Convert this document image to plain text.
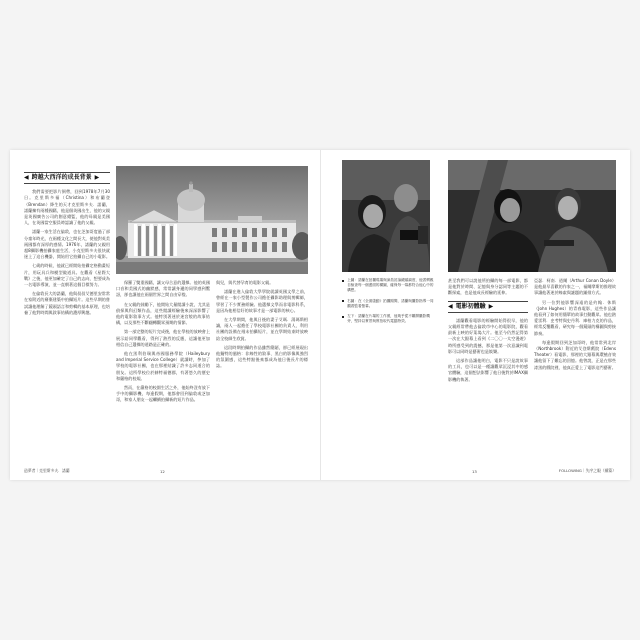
◀ 跨越大西洋的成長背景 ▶

我們需要把影片倒帶，回到1978年7月30日。克里斯多福（Christina）和布蘭登（Brendan）降生的天才克里斯多夫．諾蘭，諾蘭擁有兩種國籍，他是個英國出生，他的父親是英國廣告公司的創意總監，他的母親是美國人，在英國當空服員時認識了他的父親。

諾蘭一家生活在倫敦，也在芝加哥度過了部分童年時光，在兩種文化之間長大，使他對英美兩國都有深厚的感情。1976年，諾蘭的父親用超8攝影機拍攝家庭生活，小克里斯多夫很快就迷上了這台機器，開始用它拍攝自己的小電影。

七歲的時候，他就已經開始拍攝定格動畫短片，用玩具兵和模型做道具。在觀看《星際大戰》之後，他更加確定了自己的志向，想要成為一名電影導演，並一直朝著這個目標努力。

在倫敦長大的諾蘭，他與叔叔艾德里安常常在家附近的廢棄建築中拍攝短片。這些早期的嘗試讓他理解了鏡頭語言和剪輯的基本原理，也培養了他對時間與敘事結構的濃厚興趣。

保羅了雙重國籍，讓父母合意的選擇。他的英國口音和美國式的幽默感，常常讓身邊的同學感到驚訝，卻也讓他在兩個世界之間自由穿梭。

在父親的鼓勵下，他開始大量閱讀小說，尤其是偵探與科幻類作品，這些閱讀經驗後來深深影響了他的電影敘事方式。他特別著迷於迷宮般的故事結構，以及那些不斷翻轉觀眾預期的情節。

第一部完整的短片完成後，他在學校的放映會上展示給同學觀看，得到了熱烈的反應，這讓他更加相信自己選擇的道路是正確的。

他在黑利伯瑞與帝國服務學院（Haileybury and Imperial Service College）就讀時，參加了學校的電影社團，也在那裡結識了許多志同道合的朋友。這所學校位於赫特福德郡，有著悠久的歷史和嚴格的校規。

然而，在嚴格的校園生活之外，他始終沒有放下手中的攝影機，每逢假期，他都會回到倫敦或芝加哥，和家人朋友一起繼續拍攝新的短片作品。

與兒，與代替孕育的電影父親。

諾蘭在進入倫敦大學學院就讀英國文學之前，曾經在一家小型製作公司擔任攝影助理與剪輯師，學習了不少實務經驗。他選擇文學而非電影科系，是因為他相信好的故事才是一部電影的核心。

在大學期間，他與日後的妻子艾瑪．湯瑪斯相識，兩人一起擔任了學校電影社團的負責人，利用社團的設備在週末拍攝短片，並在學期結束時放映給全校師生欣賞。

這段時期拍攝的作品雖然簡陋，卻已經展現出他獨特的風格：非線性的敘事、黑白的影像與強烈的氛圍感，這些特點後來都成為他日後長片的標誌。

造夢者｜克里斯多夫．諾蘭	12
上圖：諾蘭在拍攝現場與演員討論鏡頭調度，他習慣親自檢查每一個畫面的構圖，確保每一幕都符合他心中的構想。
右圖：在《全面啟動》拍攝期間，諾蘭與攝影指導一同觀看監看螢幕。
左下：諾蘭在片場的工作照，他幾乎從不離開攝影機旁，堅持以實景與實拍取代電腦特效。

甚至我們可以說他所拍攝的每一部電影，都是他對於時間、記憶與身分認同等主題的不斷探索，也是他成長經驗的延伸。

◀ 電影初體驗 ▶

諾蘭觀看電影的經驗開始得很早，他的父親經常帶他去倫敦市中心的電影院，觀看最新上映的好萊塢大片。他至今仍然記得第一次在大銀幕上看到《二〇〇一太空漫遊》時所感受到的震撼，那是他第一次意識到電影可以同時是藝術也是娛樂。

這部作品讓他明白，電影不只是說故事的工具，也可以是一種讓觀眾沉浸其中的感官體驗，這個想法影響了他日後對於IMAX攝影機的執著。

亞瑟．柯南．道爾（Arthur Conan Doyle）是他最早喜歡的作家之一，福爾摩斯的推理故事讓他著迷於線索與謎題的鋪排方式。

另一位對他影響深遠的是約翰．休斯（John Hughes）的青春電影，這些作品讓他看到了如何用簡單的故事打動觀眾。他也熱愛雷利．史考特與史丹利．庫柏力克的作品，經常反覆觀看，研究每一個鏡頭的構圖與剪接節奏。

每逢假期回到芝加哥時，他常常到北岸（Northbrook）附近的艾登斯戲院（Edens Theater）看電影，那裡的大銀幕與環繞音效讓他留下了難忘的回憶。他曾說，正是在那些漆黑的戲院裡，他真正愛上了電影這門藝術。

13	FOLLOWING｜失序之眼（續篇）
